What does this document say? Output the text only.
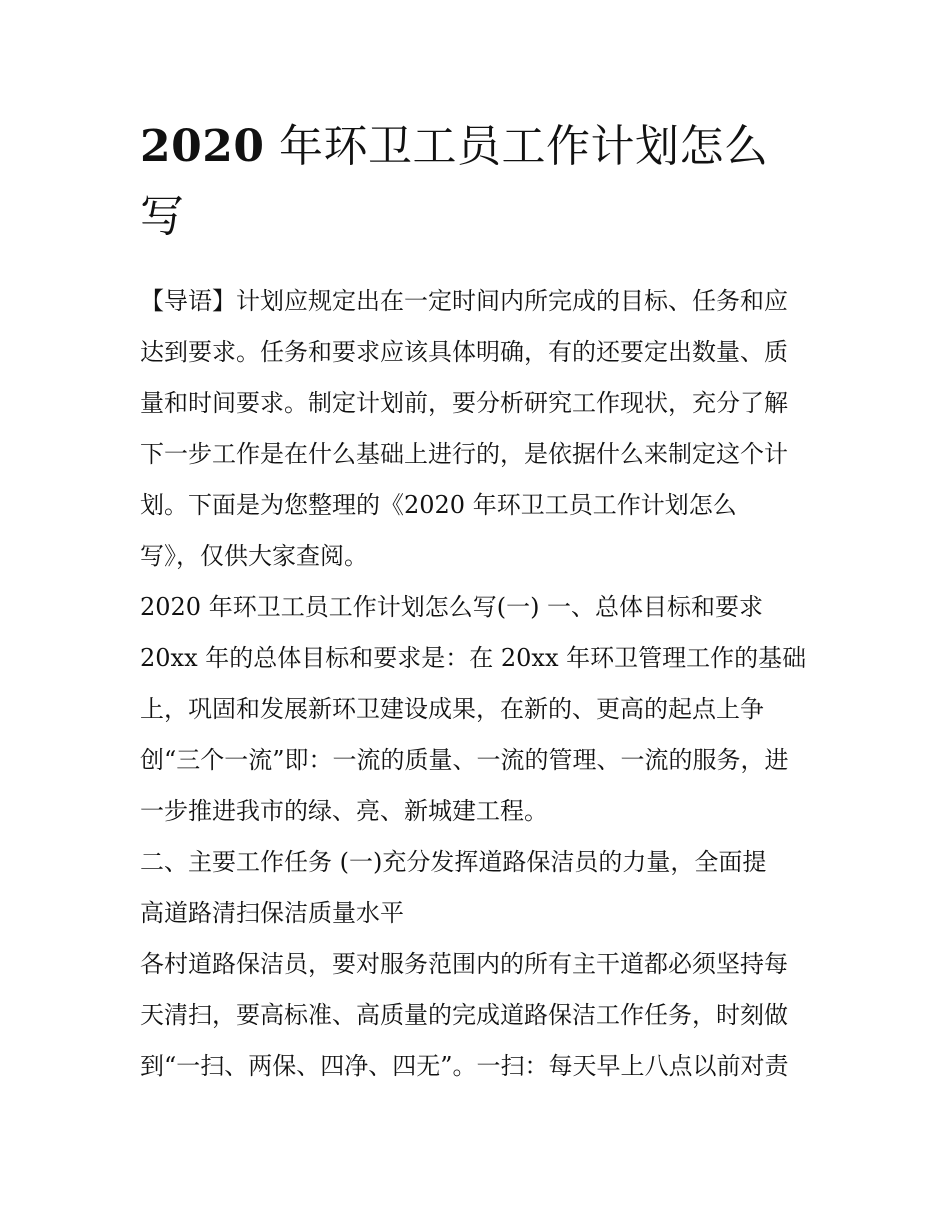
2020 年环卫工员工作计划怎么
写
【导语】计划应规定出在一定时间内所完成的目标、任务和应
达到要求。任务和要求应该具体明确，有的还要定出数量、质
量和时间要求。制定计划前，要分析研究工作现状，充分了解
下一步工作是在什么基础上进行的，是依据什么来制定这个计
划。下面是为您整理的《2020 年环卫工员工作计划怎么
写》，仅供大家查阅。
2020 年环卫工员工作计划怎么写(一) 一、总体目标和要求
20xx 年的总体目标和要求是：在 20xx 年环卫管理工作的基础
上，巩固和发展新环卫建设成果，在新的、更高的起点上争
创“三个一流”即：一流的质量、一流的管理、一流的服务，进
一步推进我市的绿、亮、新城建工程。
二、主要工作任务 (一)充分发挥道路保洁员的力量，全面提
高道路清扫保洁质量水平
各村道路保洁员，要对服务范围内的所有主干道都必须坚持每
天清扫，要高标准、高质量的完成道路保洁工作任务，时刻做
到“一扫、两保、四净、四无”。一扫：每天早上八点以前对责
